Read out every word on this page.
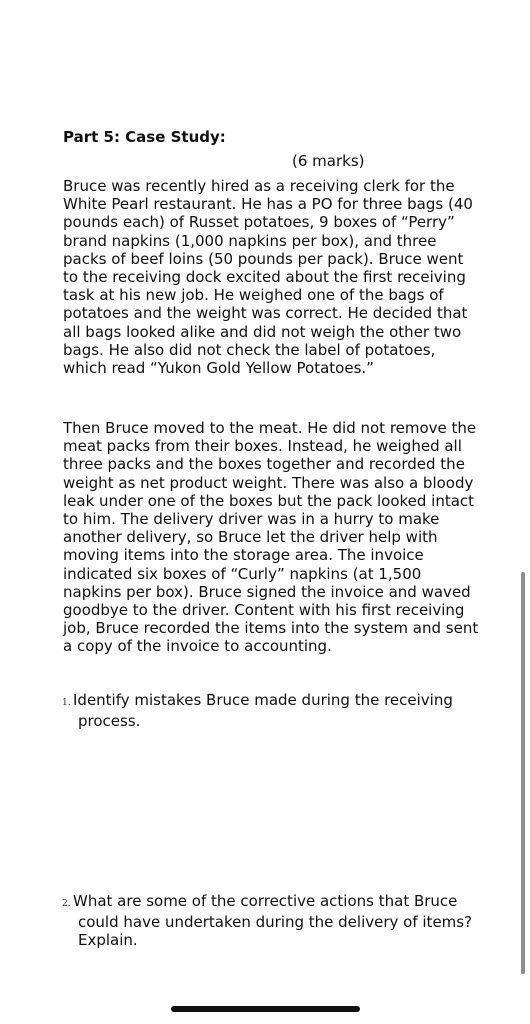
Part 5: Case Study:
(6 marks)

Bruce was recently hired as a receiving clerk for the White Pearl restaurant. He has a PO for three bags (40 pounds each) of Russet potatoes, 9 boxes of “Perry” brand napkins (1,000 napkins per box), and three packs of beef loins (50 pounds per pack). Bruce went to the receiving dock excited about the first receiving task at his new job. He weighed one of the bags of potatoes and the weight was correct. He decided that all bags looked alike and did not weigh the other two bags. He also did not check the label of potatoes, which read “Yukon Gold Yellow Potatoes.”

Then Bruce moved to the meat. He did not remove the meat packs from their boxes. Instead, he weighed all three packs and the boxes together and recorded the weight as net product weight. There was also a bloody leak under one of the boxes but the pack looked intact to him. The delivery driver was in a hurry to make another delivery, so Bruce let the driver help with moving items into the storage area. The invoice indicated six boxes of “Curly” napkins (at 1,500 napkins per box). Bruce signed the invoice and waved goodbye to the driver. Content with his first receiving job, Bruce recorded the items into the system and sent a copy of the invoice to accounting.

1. Identify mistakes Bruce made during the receiving process.

2. What are some of the corrective actions that Bruce could have undertaken during the delivery of items? Explain.
